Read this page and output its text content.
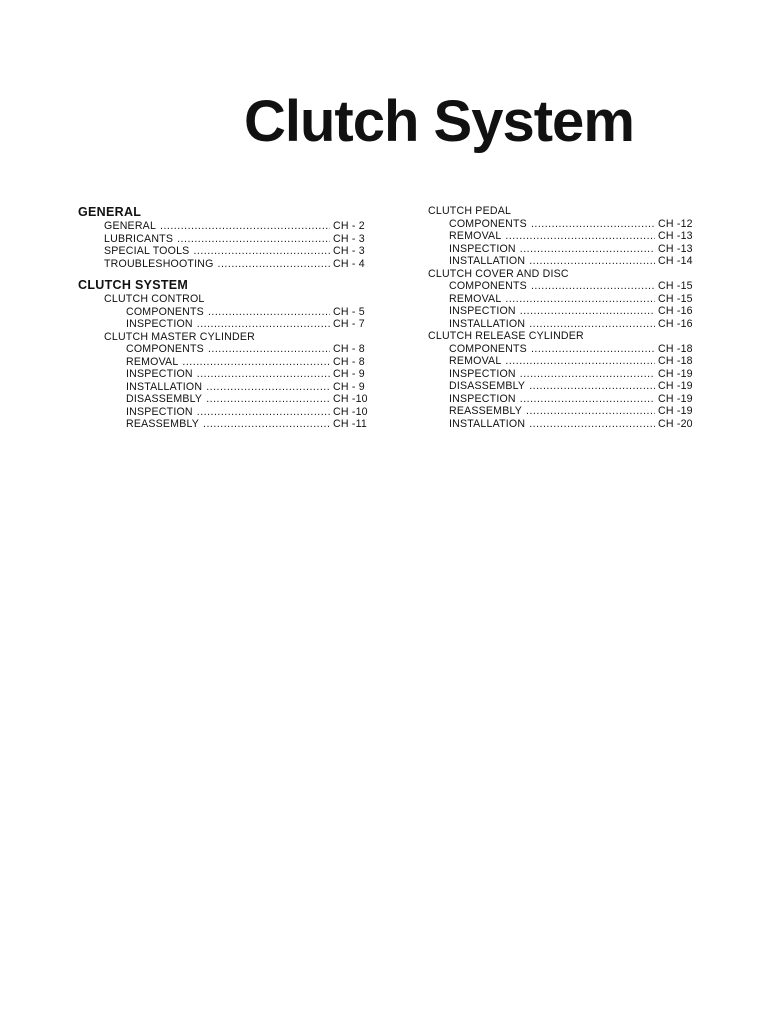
Clutch System
GENERAL
GENERAL .....	CH - 2
LUBRICANTS .....	CH - 3
SPECIAL TOOLS .....	CH - 3
TROUBLESHOOTING .....	CH - 4
CLUTCH SYSTEM
CLUTCH CONTROL
COMPONENTS .....	CH - 5
INSPECTION .....	CH - 7
CLUTCH MASTER CYLINDER
COMPONENTS .....	CH - 8
REMOVAL .....	CH - 8
INSPECTION .....	CH - 9
INSTALLATION .....	CH - 9
DISASSEMBLY .....	CH -10
INSPECTION .....	CH -10
REASSEMBLY .....	CH -11
CLUTCH PEDAL
COMPONENTS .....	CH -12
REMOVAL .....	CH -13
INSPECTION .....	CH -13
INSTALLATION .....	CH -14
CLUTCH COVER AND DISC
COMPONENTS .....	CH -15
REMOVAL .....	CH -15
INSPECTION .....	CH -16
INSTALLATION .....	CH -16
CLUTCH RELEASE CYLINDER
COMPONENTS .....	CH -18
REMOVAL .....	CH -18
INSPECTION .....	CH -19
DISASSEMBLY .....	CH -19
INSPECTION .....	CH -19
REASSEMBLY .....	CH -19
INSTALLATION .....	CH -20
